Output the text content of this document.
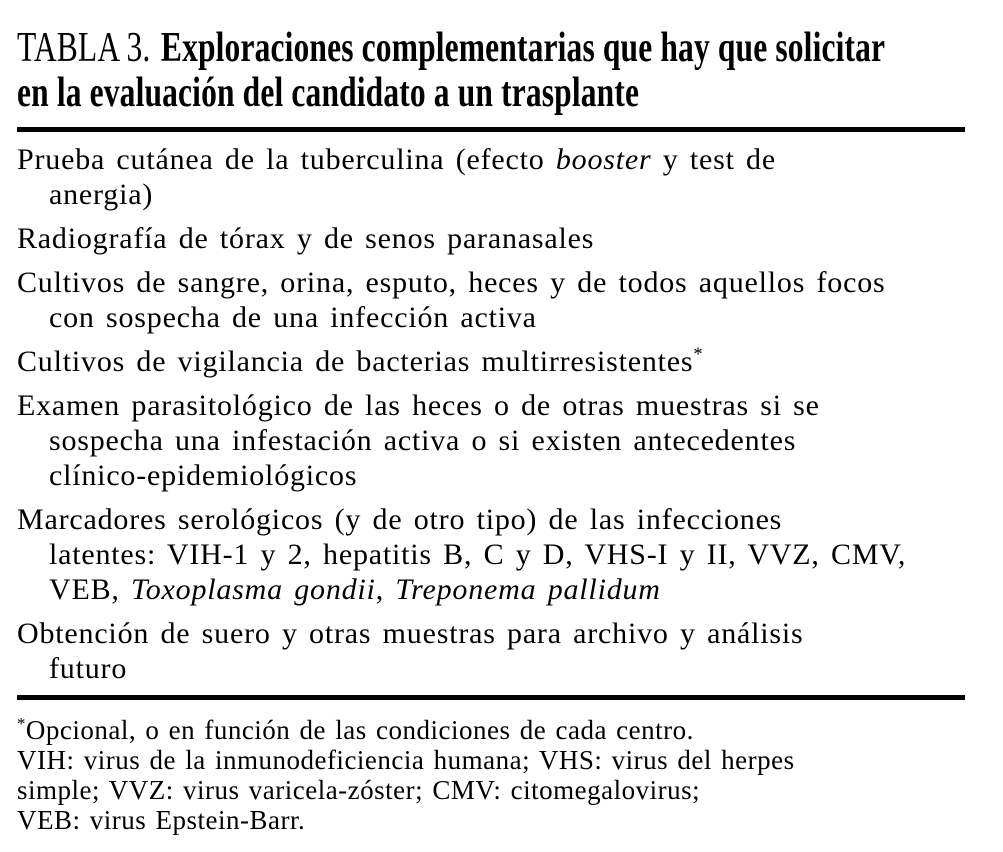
TABLA 3. Exploraciones complementarias que hay que solicitar
en la evaluación del candidato a un trasplante
Prueba cutánea de la tuberculina (efecto booster y test de
anergia)
Radiografía de tórax y de senos paranasales
Cultivos de sangre, orina, esputo, heces y de todos aquellos focos
con sospecha de una infección activa
Cultivos de vigilancia de bacterias multirresistentes*
Examen parasitológico de las heces o de otras muestras si se
sospecha una infestación activa o si existen antecedentes
clínico-epidemiológicos
Marcadores serológicos (y de otro tipo) de las infecciones
latentes: VIH-1 y 2, hepatitis B, C y D, VHS-I y II, VVZ, CMV,
VEB, Toxoplasma gondii, Treponema pallidum
Obtención de suero y otras muestras para archivo y análisis
futuro
*Opcional, o en función de las condiciones de cada centro.
VIH: virus de la inmunodeficiencia humana; VHS: virus del herpes
simple; VVZ: virus varicela-zóster; CMV: citomegalovirus;
VEB: virus Epstein-Barr.
